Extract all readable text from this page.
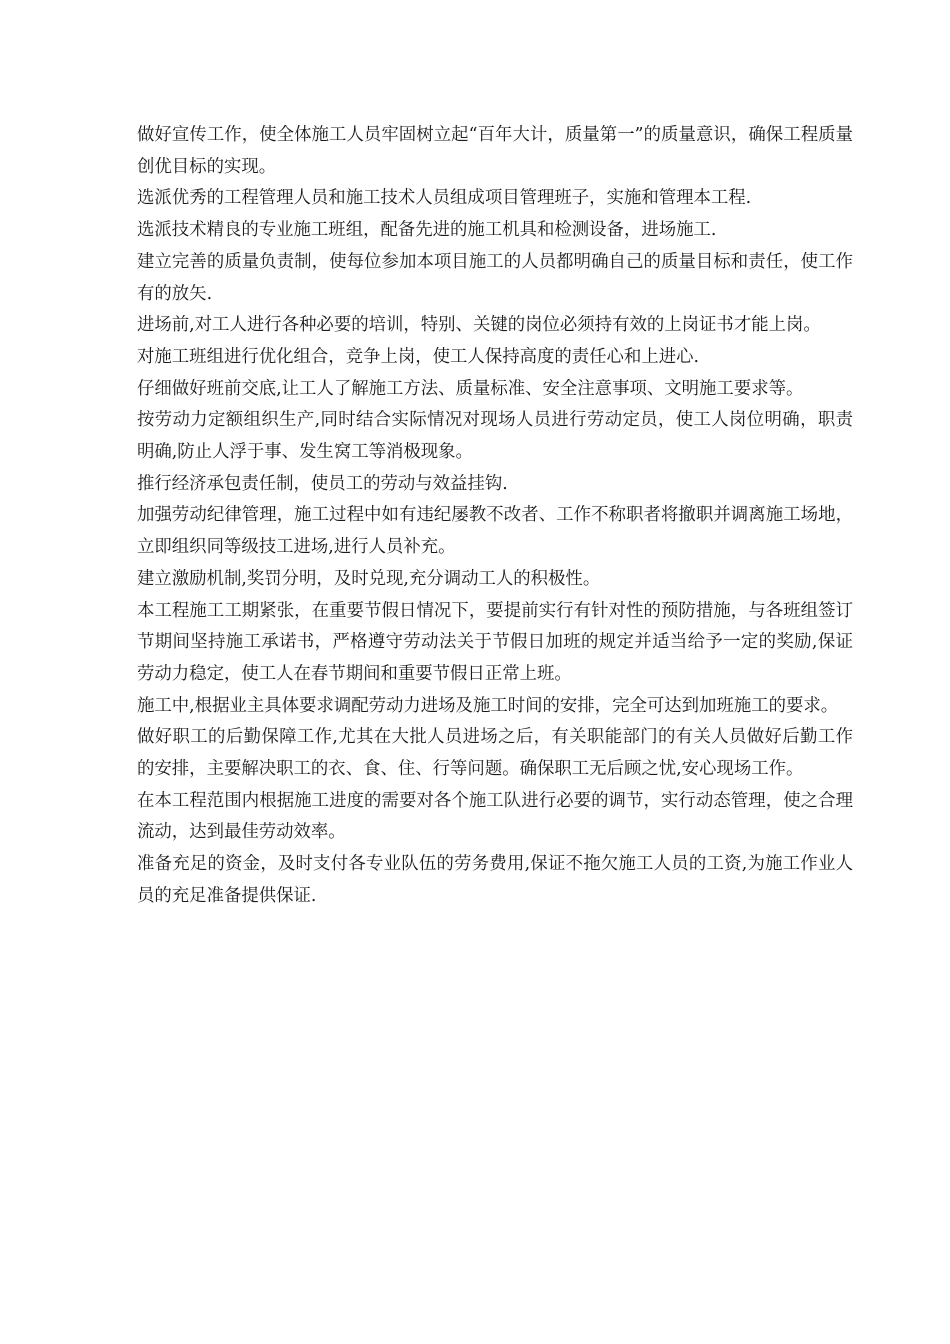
做好宣传工作，使全体施工人员牢固树立起“百年大计，质量第一”的质量意识，确保工程质量创优目标的实现。

选派优秀的工程管理人员和施工技术人员组成项目管理班子，实施和管理本工程.

选派技术精良的专业施工班组，配备先进的施工机具和检测设备，进场施工.

建立完善的质量负责制，使每位参加本项目施工的人员都明确自己的质量目标和责任，使工作有的放矢.

进场前,对工人进行各种必要的培训，特别、关键的岗位必须持有效的上岗证书才能上岗。

对施工班组进行优化组合，竞争上岗，使工人保持高度的责任心和上进心.

仔细做好班前交底,让工人了解施工方法、质量标准、安全注意事项、文明施工要求等。

按劳动力定额组织生产,同时结合实际情况对现场人员进行劳动定员，使工人岗位明确，职责明确,防止人浮于事、发生窝工等消极现象。

推行经济承包责任制，使员工的劳动与效益挂钩.

加强劳动纪律管理，施工过程中如有违纪屡教不改者、工作不称职者将撤职并调离施工场地，立即组织同等级技工进场,进行人员补充。

建立激励机制,奖罚分明，及时兑现,充分调动工人的积极性。

本工程施工工期紧张，在重要节假日情况下，要提前实行有针对性的预防措施，与各班组签订节期间坚持施工承诺书，严格遵守劳动法关于节假日加班的规定并适当给予一定的奖励,保证劳动力稳定，使工人在春节期间和重要节假日正常上班。

施工中,根据业主具体要求调配劳动力进场及施工时间的安排，完全可达到加班施工的要求。

做好职工的后勤保障工作,尤其在大批人员进场之后，有关职能部门的有关人员做好后勤工作的安排，主要解决职工的衣、食、住、行等问题。确保职工无后顾之忧,安心现场工作。

在本工程范围内根据施工进度的需要对各个施工队进行必要的调节，实行动态管理，使之合理流动，达到最佳劳动效率。

准备充足的资金，及时支付各专业队伍的劳务费用,保证不拖欠施工人员的工资,为施工作业人员的充足准备提供保证.
